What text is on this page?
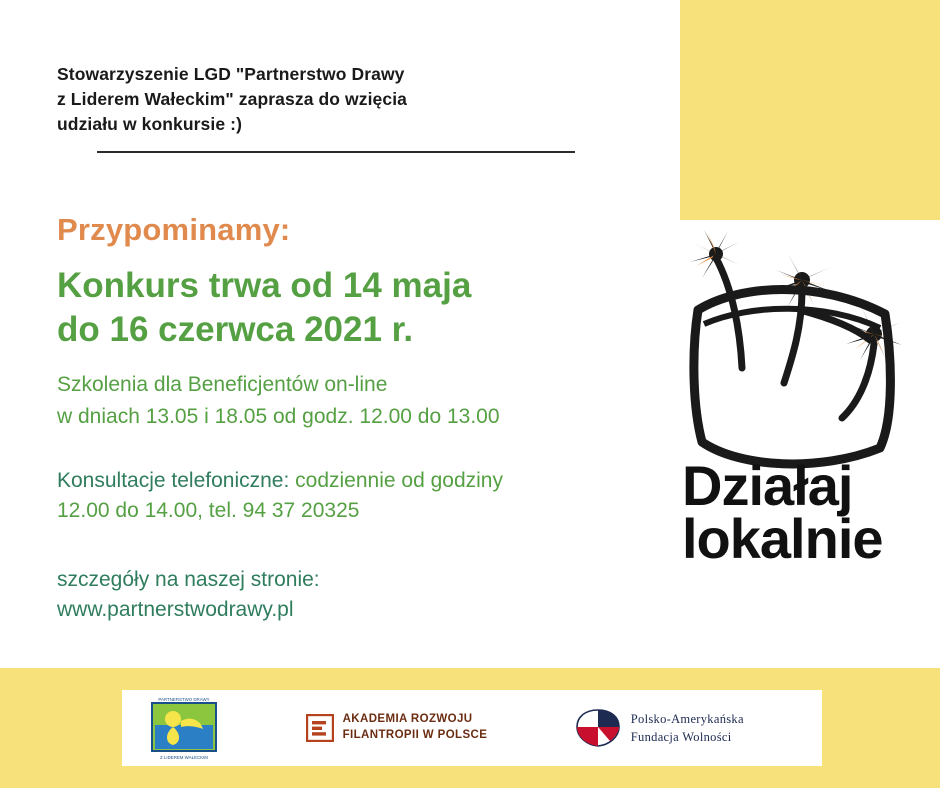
Stowarzyszenie LGD "Partnerstwo Drawy
z Liderem Wałeckim" zaprasza do wzięcia
udziału w konkursie :)

Przypominamy:

Konkurs trwa od 14 maja
do 16 czerwca 2021 r.

Szkolenia dla Beneficjentów on-line

w dniach 13.05 i 18.05 od godz. 12.00 do 13.00

Konsultacje telefoniczne: codziennie od godziny
12.00 do 14.00, tel. 94 37 20325
szczegóły na naszej stronie:
www.partnerstwodrawy.pl
Działaj
lokalnie
PARTNERSTWO DRAWY
Z LIDEREM WAŁECKIM
AKADEMIA ROZWOJU
FILANTROPII W POLSCE
Polsko-Amerykańska
Fundacja Wolności
